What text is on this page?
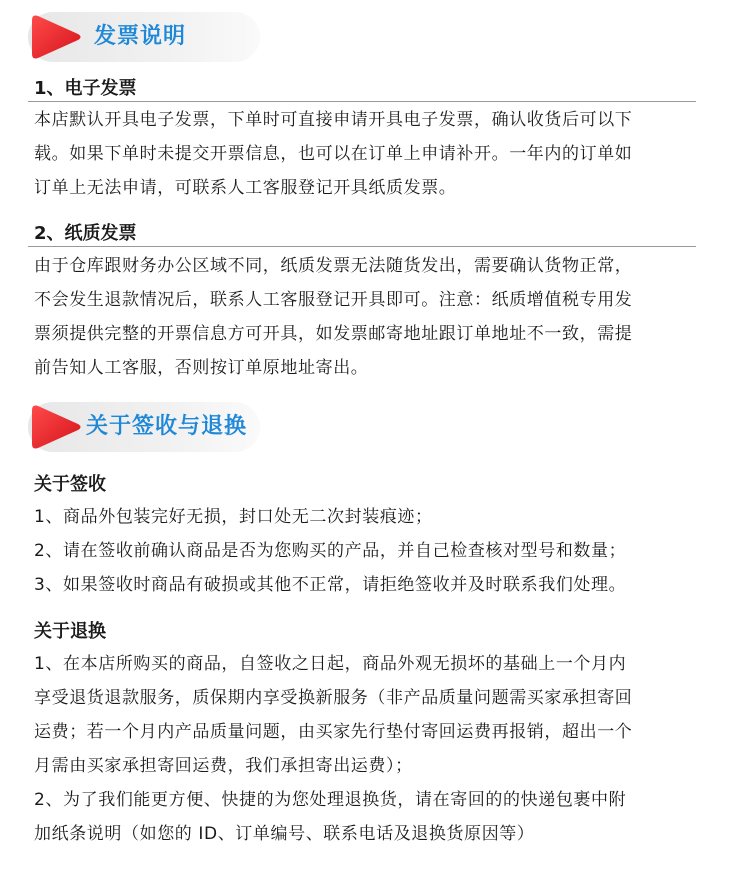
发票说明
1、电子发票
本店默认开具电子发票，下单时可直接申请开具电子发票，确认收货后可以下
载。如果下单时未提交开票信息，也可以在订单上申请补开。一年内的订单如
订单上无法申请，可联系人工客服登记开具纸质发票。
2、纸质发票
由于仓库跟财务办公区域不同，纸质发票无法随货发出，需要确认货物正常，
不会发生退款情况后，联系人工客服登记开具即可。注意：纸质增值税专用发
票须提供完整的开票信息方可开具，如发票邮寄地址跟订单地址不一致，需提
前告知人工客服，否则按订单原地址寄出。
关于签收与退换
关于签收
1、商品外包装完好无损，封口处无二次封装痕迹；
2、请在签收前确认商品是否为您购买的产品，并自己检查核对型号和数量；
3、如果签收时商品有破损或其他不正常，请拒绝签收并及时联系我们处理。
关于退换
1、在本店所购买的商品，自签收之日起，商品外观无损坏的基础上一个月内
享受退货退款服务，质保期内享受换新服务（非产品质量问题需买家承担寄回
运费；若一个月内产品质量问题，由买家先行垫付寄回运费再报销，超出一个
月需由买家承担寄回运费，我们承担寄出运费）；
2、为了我们能更方便、快捷的为您处理退换货，请在寄回的的快递包裹中附
加纸条说明（如您的 ID、订单编号、联系电话及退换货原因等）
